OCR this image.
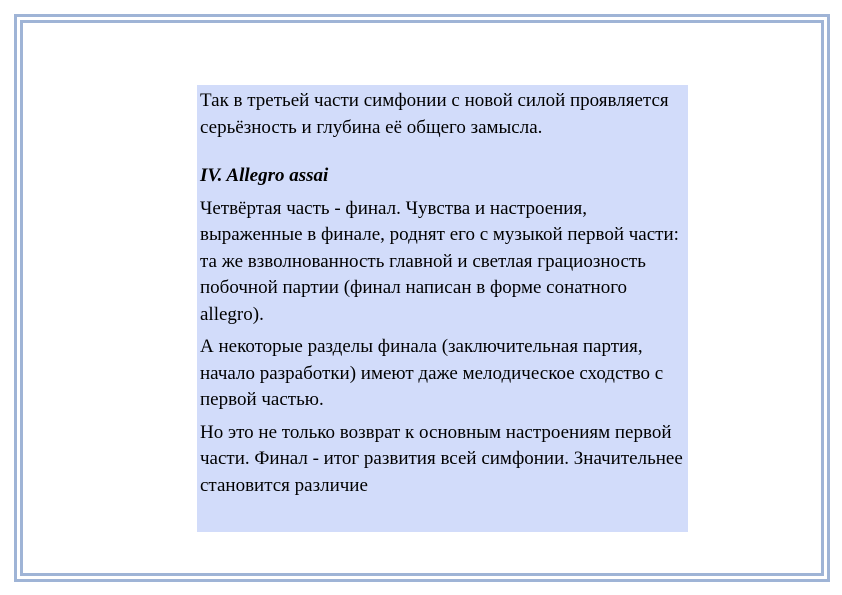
Так в третьей части симфонии с новой силой проявляется серьёзность и глубина её общего замысла.

IV. Allegro assai

Четвёртая часть - финал. Чувства и настроения, выраженные в финале, роднят его с музыкой первой части: та же взволнованность главной и светлая грациозность побочной партии (финал написан в форме сонатного allegro).

А некоторые разделы финала (заключительная партия, начало разработки) имеют даже мелодическое сходство с первой частью.

Но это не только возврат к основным настроениям первой части. Финал - итог развития всей симфонии. Значительнее становится различие
